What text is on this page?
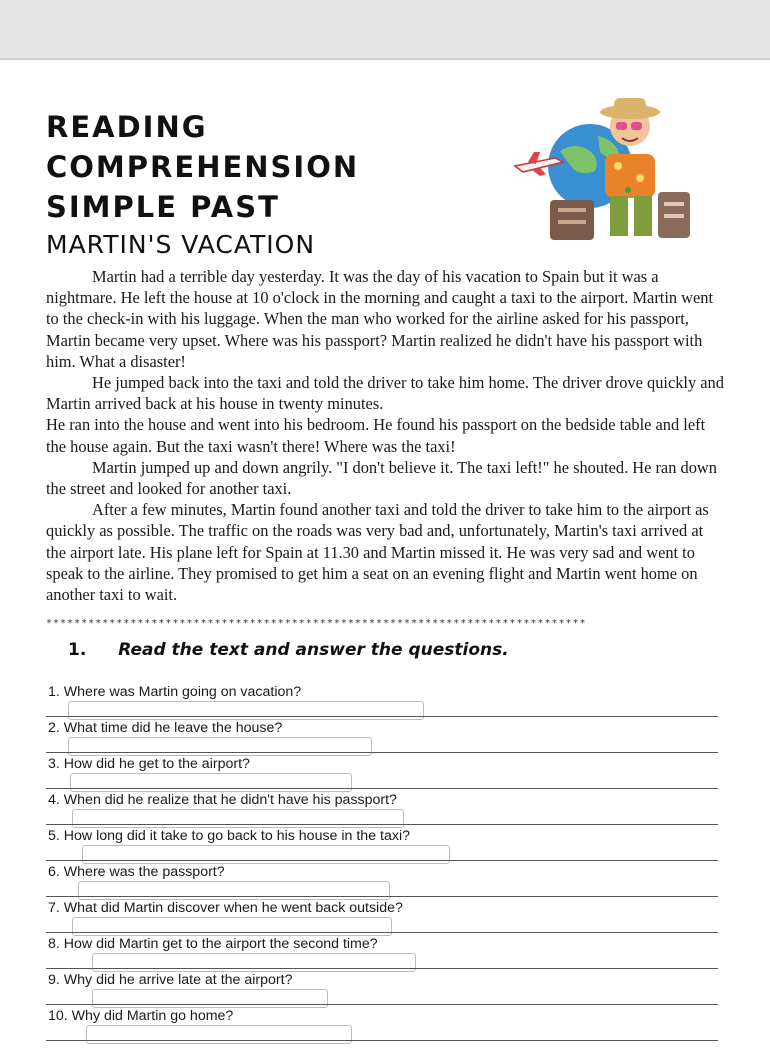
READING
COMPREHENSION
SIMPLE PAST
MARTIN'S VACATION

Martin had a terrible day yesterday. It was the day of his vacation to Spain but it was a nightmare. He left the house at 10 o'clock in the morning and caught a taxi to the airport. Martin went to the check-in with his luggage. When the man who worked for the airline asked for his passport, Martin became very upset. Where was his passport? Martin realized he didn't have his passport with him. What a disaster!

He jumped back into the taxi and told the driver to take him home. The driver drove quickly and Martin arrived back at his house in twenty minutes.

He ran into the house and went into his bedroom. He found his passport on the bedside table and left the house again. But the taxi wasn't there! Where was the taxi!

Martin jumped up and down angrily. "I don't believe it. The taxi left!" he shouted. He ran down the street and looked for another taxi.

After a few minutes, Martin found another taxi and told the driver to take him to the airport as quickly as possible. The traffic on the roads was very bad and, unfortunately, Martin's taxi arrived at the airport late. His plane left for Spain at 11.30 and Martin missed it. He was very sad and went to speak to the airline. They promised to get him a seat on an evening flight and Martin went home on another taxi to wait.

*****************************************************************************
1. Read the text and answer the questions.
1. Where was Martin going on vacation?
2. What time did he leave the house?
3. How did he get to the airport?
4. When did he realize that he didn't have his passport?
5. How long did it take to go back to his house in the taxi?
6. Where was the passport?
7. What did Martin discover when he went back outside?
8. How did Martin get to the airport the second time?
9. Why did he arrive late at the airport?
10. Why did Martin go home?
